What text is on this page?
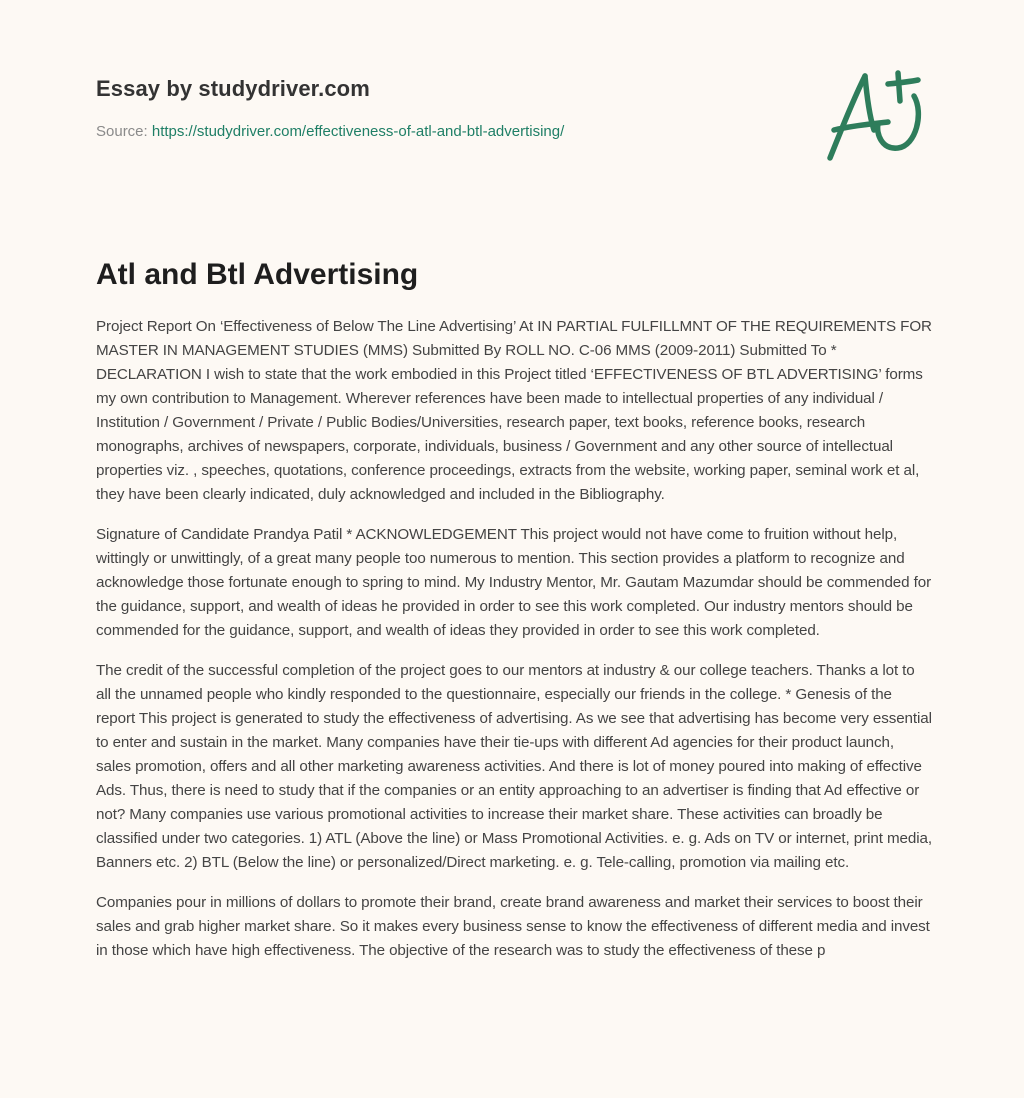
Essay by studydriver.com
Source: https://studydriver.com/effectiveness-of-atl-and-btl-advertising/
Atl and Btl Advertising

Project Report On ‘Effectiveness of Below The Line Advertising’ At IN PARTIAL FULFILLMNT OF THE REQUIREMENTS FOR MASTER IN MANAGEMENT STUDIES (MMS) Submitted By ROLL NO. C-06 MMS (2009-2011) Submitted To * DECLARATION I wish to state that the work embodied in this Project titled ‘EFFECTIVENESS OF BTL ADVERTISING’ forms my own contribution to Management. Wherever references have been made to intellectual properties of any individual / Institution / Government / Private / Public Bodies/Universities, research paper, text books, reference books, research monographs, archives of newspapers, corporate, individuals, business / Government and any other source of intellectual properties viz. , speeches, quotations, conference proceedings, extracts from the website, working paper, seminal work et al, they have been clearly indicated, duly acknowledged and included in the Bibliography.

Signature of Candidate Prandya Patil * ACKNOWLEDGEMENT This project would not have come to fruition without help, wittingly or unwittingly, of a great many people too numerous to mention. This section provides a platform to recognize and acknowledge those fortunate enough to spring to mind. My Industry Mentor, Mr. Gautam Mazumdar should be commended for the guidance, support, and wealth of ideas he provided in order to see this work completed. Our industry mentors should be commended for the guidance, support, and wealth of ideas they provided in order to see this work completed.

The credit of the successful completion of the project goes to our mentors at industry & our college teachers. Thanks a lot to all the unnamed people who kindly responded to the questionnaire, especially our friends in the college. * Genesis of the report This project is generated to study the effectiveness of advertising. As we see that advertising has become very essential to enter and sustain in the market. Many companies have their tie-ups with different Ad agencies for their product launch, sales promotion, offers and all other marketing awareness activities. And there is lot of money poured into making of effective Ads. Thus, there is need to study that if the companies or an entity approaching to an advertiser is finding that Ad effective or not? Many companies use various promotional activities to increase their market share. These activities can broadly be classified under two categories. 1) ATL (Above the line) or Mass Promotional Activities. e. g. Ads on TV or internet, print media, Banners etc. 2) BTL (Below the line) or personalized/Direct marketing. e. g. Tele-calling, promotion via mailing etc.

Companies pour in millions of dollars to promote their brand, create brand awareness and market their services to boost their sales and grab higher market share. So it makes every business sense to know the effectiveness of different media and invest in those which have high effectiveness. The objective of the research was to study the effectiveness of these p
